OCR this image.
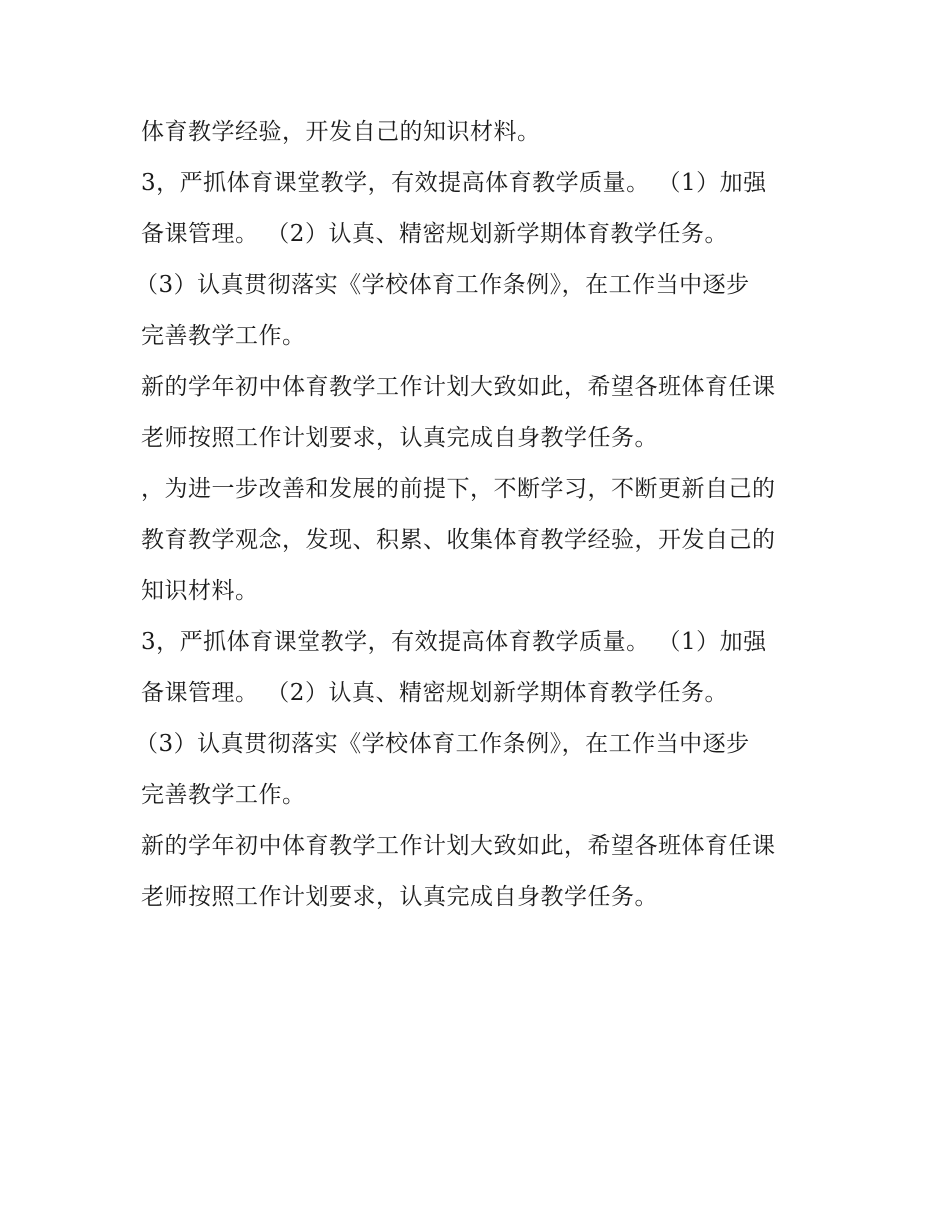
体育教学经验，开发自己的知识材料。
3，严抓体育课堂教学，有效提高体育教学质量。 （1）加强
备课管理。 （2）认真、精密规划新学期体育教学任务。
（3）认真贯彻落实《学校体育工作条例》，在工作当中逐步
完善教学工作。
新的学年初中体育教学工作计划大致如此，希望各班体育任课
老师按照工作计划要求，认真完成自身教学任务。
，为进一步改善和发展的前提下，不断学习，不断更新自己的
教育教学观念，发现、积累、收集体育教学经验，开发自己的
知识材料。
3，严抓体育课堂教学，有效提高体育教学质量。 （1）加强
备课管理。 （2）认真、精密规划新学期体育教学任务。
（3）认真贯彻落实《学校体育工作条例》，在工作当中逐步
完善教学工作。
新的学年初中体育教学工作计划大致如此，希望各班体育任课
老师按照工作计划要求，认真完成自身教学任务。
